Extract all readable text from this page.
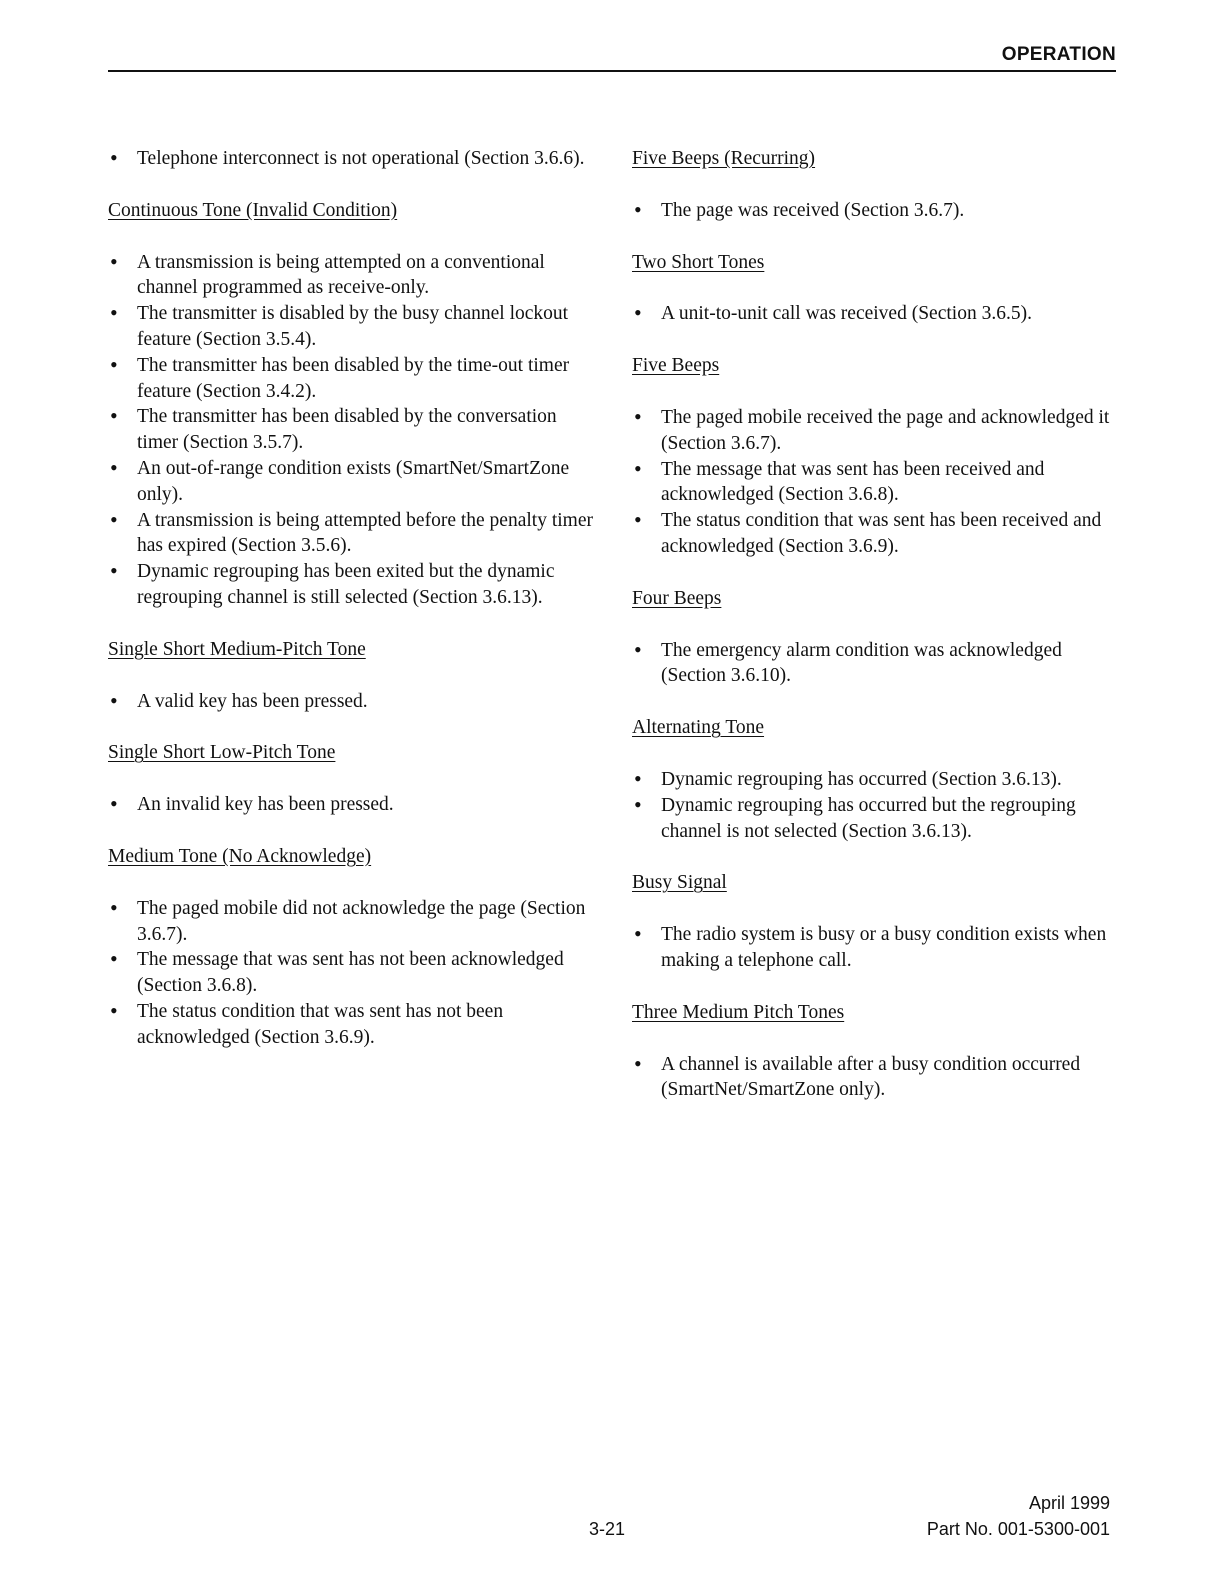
OPERATION
• Telephone interconnect is not operational (Section 3.6.6).
Continuous Tone (Invalid Condition)
• A transmission is being attempted on a conventional channel programmed as receive-only.
• The transmitter is disabled by the busy channel lockout feature (Section 3.5.4).
• The transmitter has been disabled by the time-out timer feature (Section 3.4.2).
• The transmitter has been disabled by the conversation timer (Section 3.5.7).
• An out-of-range condition exists (SmartNet/SmartZone only).
• A transmission is being attempted before the penalty timer has expired (Section 3.5.6).
• Dynamic regrouping has been exited but the dynamic regrouping channel is still selected (Section 3.6.13).
Single Short Medium-Pitch Tone
• A valid key has been pressed.
Single Short Low-Pitch Tone
• An invalid key has been pressed.
Medium Tone (No Acknowledge)
• The paged mobile did not acknowledge the page (Section 3.6.7).
• The message that was sent has not been acknowledged (Section 3.6.8).
• The status condition that was sent has not been acknowledged (Section 3.6.9).
Five Beeps (Recurring)
• The page was received (Section 3.6.7).
Two Short Tones
• A unit-to-unit call was received (Section 3.6.5).
Five Beeps
• The paged mobile received the page and acknowledged it (Section 3.6.7).
• The message that was sent has been received and acknowledged (Section 3.6.8).
• The status condition that was sent has been received and acknowledged (Section 3.6.9).
Four Beeps
• The emergency alarm condition was acknowledged (Section 3.6.10).
Alternating Tone
• Dynamic regrouping has occurred (Section 3.6.13).
• Dynamic regrouping has occurred but the regrouping channel is not selected (Section 3.6.13).
Busy Signal
• The radio system is busy or a busy condition exists when making a telephone call.
Three Medium Pitch Tones
• A channel is available after a busy condition occurred (SmartNet/SmartZone only).
April 1999
3-21	Part No. 001-5300-001
